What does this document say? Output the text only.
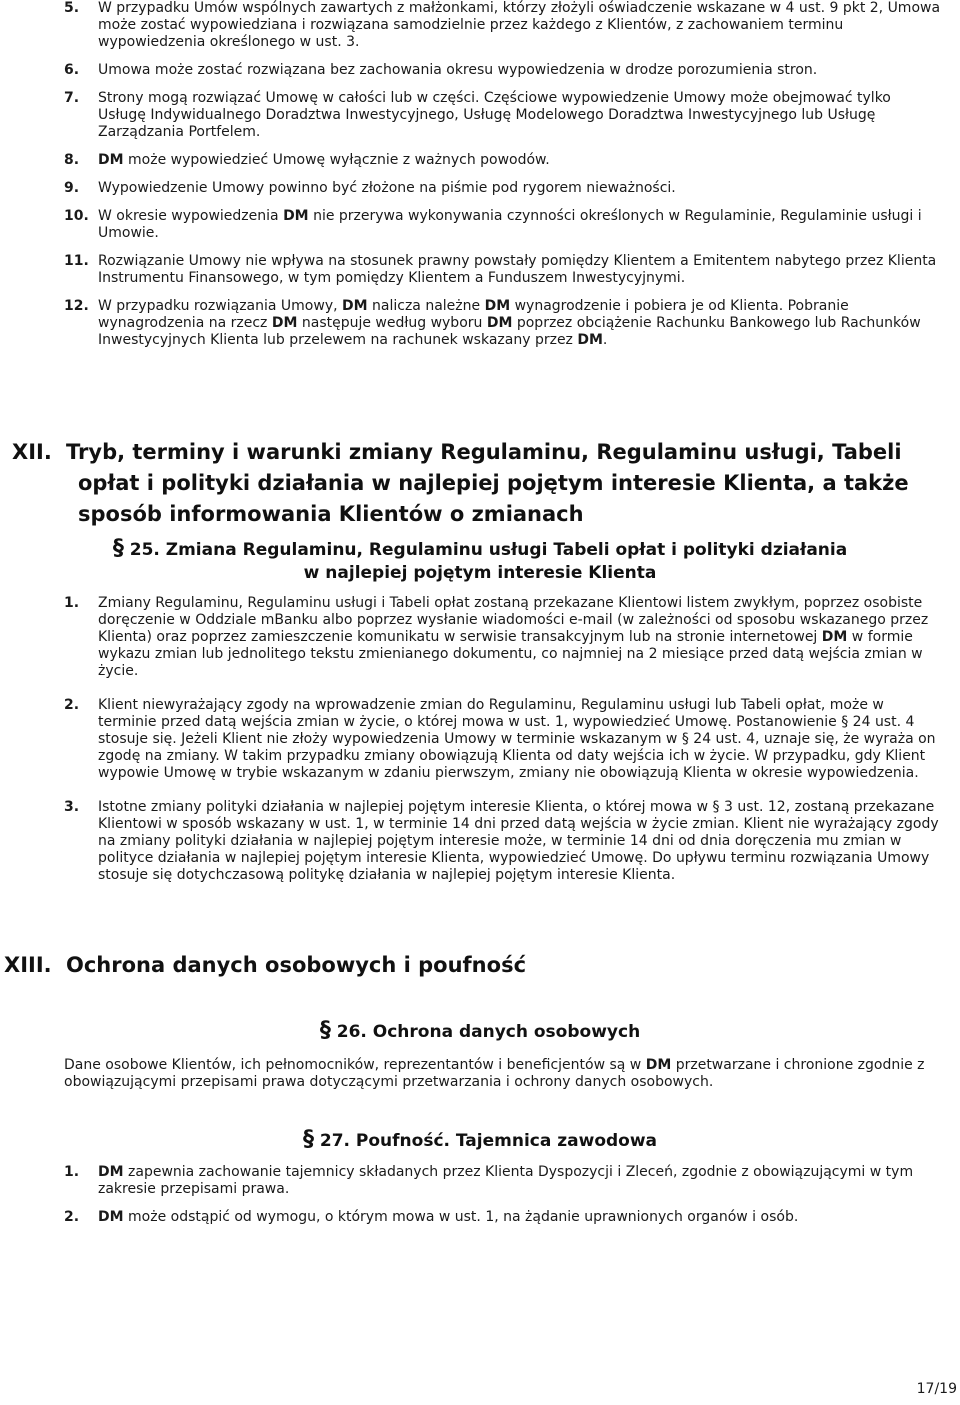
5. W przypadku Umów wspólnych zawartych z małżonkami, którzy złożyli oświadczenie wskazane w 4 ust. 9 pkt 2, Umowa może zostać wypowiedziana i rozwiązana samodzielnie przez każdego z Klientów, z zachowaniem terminu wypowiedzenia określonego w ust. 3.
6. Umowa może zostać rozwiązana bez zachowania okresu wypowiedzenia w drodze porozumienia stron.
7. Strony mogą rozwiązać Umowę w całości lub w części. Częściowe wypowiedzenie Umowy może obejmować tylko Usługę Indywidualnego Doradztwa Inwestycyjnego, Usługę Modelowego Doradztwa Inwestycyjnego lub Usługę Zarządzania Portfelem.
8. DM może wypowiedzieć Umowę wyłącznie z ważnych powodów.
9. Wypowiedzenie Umowy powinno być złożone na piśmie pod rygorem nieważności.
10. W okresie wypowiedzenia DM nie przerywa wykonywania czynności określonych w Regulaminie, Regulaminie usługi i Umowie.
11. Rozwiązanie Umowy nie wpływa na stosunek prawny powstały pomiędzy Klientem a Emitentem nabytego przez Klienta Instrumentu Finansowego, w tym pomiędzy Klientem a Funduszem Inwestycyjnymi.
12. W przypadku rozwiązania Umowy, DM nalicza należne DM wynagrodzenie i pobiera je od Klienta. Pobranie wynagrodzenia na rzecz DM następuje według wyboru DM poprzez obciążenie Rachunku Bankowego lub Rachunków Inwestycyjnych Klienta lub przelewem na rachunek wskazany przez DM.
XII. Tryb, terminy i warunki zmiany Regulaminu, Regulaminu usługi, Tabeli opłat i polityki działania w najlepiej pojętym interesie Klienta, a także sposób informowania Klientów o zmianach
§ 25. Zmiana Regulaminu, Regulaminu usługi Tabeli opłat i polityki działania
w najlepiej pojętym interesie Klienta
1. Zmiany Regulaminu, Regulaminu usługi i Tabeli opłat zostaną przekazane Klientowi listem zwykłym, poprzez osobiste doręczenie w Oddziale mBanku albo poprzez wysłanie wiadomości e-mail (w zależności od sposobu wskazanego przez Klienta) oraz poprzez zamieszczenie komunikatu w serwisie transakcyjnym lub na stronie internetowej DM w formie wykazu zmian lub jednolitego tekstu zmienianego dokumentu, co najmniej na 2 miesiące przed datą wejścia zmian w życie.
2. Klient niewyrażający zgody na wprowadzenie zmian do Regulaminu, Regulaminu usługi lub Tabeli opłat, może w terminie przed datą wejścia zmian w życie, o której mowa w ust. 1, wypowiedzieć Umowę. Postanowienie § 24 ust. 4 stosuje się. Jeżeli Klient nie złoży wypowiedzenia Umowy w terminie wskazanym w § 24 ust. 4, uznaje się, że wyraża on zgodę na zmiany. W takim przypadku zmiany obowiązują Klienta od daty wejścia ich w życie. W przypadku, gdy Klient wypowie Umowę w trybie wskazanym w zdaniu pierwszym, zmiany nie obowiązują Klienta w okresie wypowiedzenia.
3. Istotne zmiany polityki działania w najlepiej pojętym interesie Klienta, o której mowa w § 3 ust. 12, zostaną przekazane Klientowi w sposób wskazany w ust. 1, w terminie 14 dni przed datą wejścia w życie zmian. Klient nie wyrażający zgody na zmiany polityki działania w najlepiej pojętym interesie może, w terminie 14 dni od dnia doręczenia mu zmian w polityce działania w najlepiej pojętym interesie Klienta, wypowiedzieć Umowę. Do upływu terminu rozwiązania Umowy stosuje się dotychczasową politykę działania w najlepiej pojętym interesie Klienta.
XIII. Ochrona danych osobowych i poufność
§ 26. Ochrona danych osobowych
Dane osobowe Klientów, ich pełnomocników, reprezentantów i beneficjentów są w DM przetwarzane i chronione zgodnie z obowiązującymi przepisami prawa dotyczącymi przetwarzania i ochrony danych osobowych.
§ 27. Poufność. Tajemnica zawodowa
1. DM zapewnia zachowanie tajemnicy składanych przez Klienta Dyspozycji i Zleceń, zgodnie z obowiązującymi w tym zakresie przepisami prawa.
2. DM może odstąpić od wymogu, o którym mowa w ust. 1, na żądanie uprawnionych organów i osób.
17/19
